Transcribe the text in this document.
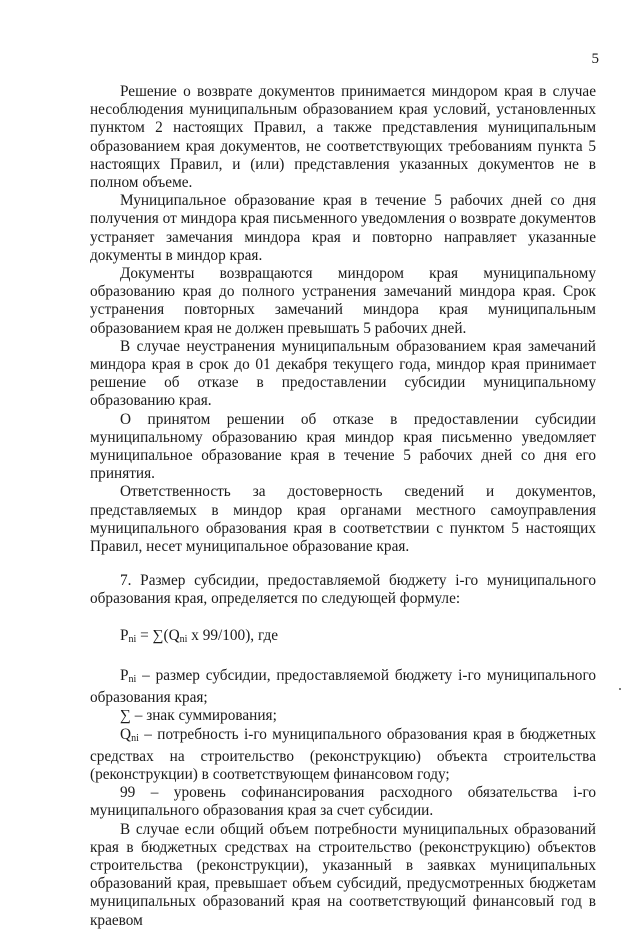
5

Решение о возврате документов принимается миндором края в случае несоблюдения муниципальным образованием края условий, установленных пунктом 2 настоящих Правил, а также представления муниципальным образованием края документов, не соответствующих требованиям пункта 5 настоящих Правил, и (или) представления указанных документов не в полном объеме.

Муниципальное образование края в течение 5 рабочих дней со дня получения от миндора края письменного уведомления о возврате документов устраняет замечания миндора края и повторно направляет указанные документы в миндор края.

Документы возвращаются миндором края муниципальному образованию края до полного устранения замечаний миндора края. Срок устранения повторных замечаний миндора края муниципальным образованием края не должен превышать 5 рабочих дней.

В случае неустранения муниципальным образованием края замечаний миндора края в срок до 01 декабря текущего года, миндор края принимает решение об отказе в предоставлении субсидии муниципальному образованию края.

О принятом решении об отказе в предоставлении субсидии муниципальному образованию края миндор края письменно уведомляет муниципальное образование края в течение 5 рабочих дней со дня его принятия.

Ответственность за достоверность сведений и документов, представляемых в миндор края органами местного самоуправления муниципального образования края в соответствии с пунктом 5 настоящих Правил, несет муниципальное образование края.

7. Размер субсидии, предоставляемой бюджету i-го муниципального образования края, определяется по следующей формуле:

$P_{ni} = \sum(Q_{ni}$ x 99/100), где

$P_{ni}$ – размер субсидии, предоставляемой бюджету i-го муниципального образования края;

∑ – знак суммирования;

$Q_{ni}$ – потребность i-го муниципального образования края в бюджетных средствах на строительство (реконструкцию) объекта строительства (реконструкции) в соответствующем финансовом году;

99 – уровень софинансирования расходного обязательства i-го муниципального образования края за счет субсидии.

В случае если общий объем потребности муниципальных образований края в бюджетных средствах на строительство (реконструкцию) объектов строительства (реконструкции), указанный в заявках муниципальных образований края, превышает объем субсидий, предусмотренных бюджетам муниципальных образований края на соответствующий финансовый год в краевом
